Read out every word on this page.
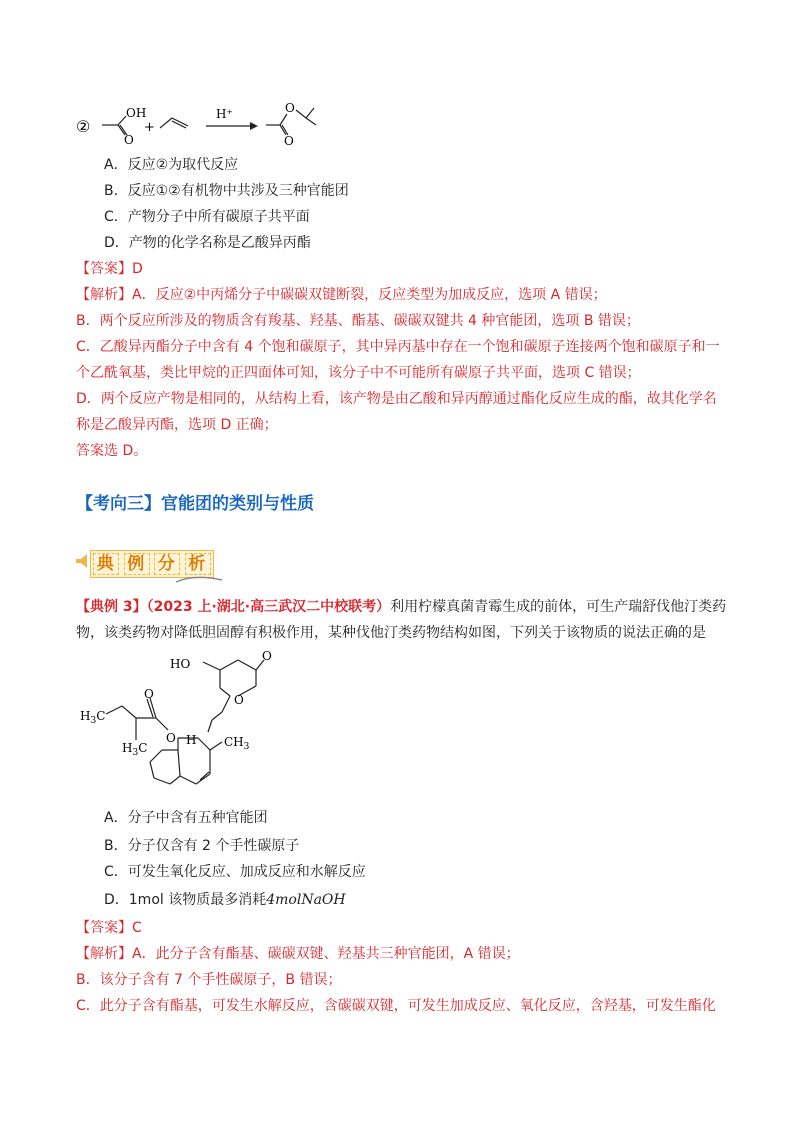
②
OH
O
+
H⁺	O
O
A．反应②为取代反应
B．反应①②有机物中共涉及三种官能团
C．产物分子中所有碳原子共平面
D．产物的化学名称是乙酸异丙酯
【答案】D
【解析】A．反应②中丙烯分子中碳碳双键断裂，反应类型为加成反应，选项 A 错误；
B．两个反应所涉及的物质含有羧基、羟基、酯基、碳碳双键共 4 种官能团，选项 B 错误；
C．乙酸异丙酯分子中含有 4 个饱和碳原子，其中异丙基中存在一个饱和碳原子连接两个饱和碳原子和一
个乙酰氧基，类比甲烷的正四面体可知，该分子中不可能所有碳原子共平面，选项 C 错误；
D．两个反应产物是相同的，从结构上看，该产物是由乙酸和异丙醇通过酯化反应生成的酯，故其化学名
称是乙酸异丙酯，选项 D 正确；
答案选 D。
【考向三】官能团的类别与性质
典 例 分 析
【典例 3】（2023 上·湖北·高三武汉二中校联考）利用柠檬真菌青霉生成的前体，可生产瑞舒伐他汀类药
物，该类药物对降低胆固醇有积极作用，某种伐他汀类药物结构如图，下列关于该物质的说法正确的是
HO
O
O
O
O H $CH_3$
$H_3C$
$H_3C$
A．分子中含有五种官能团
B．分子仅含有 2 个手性碳原子
C．可发生氧化反应、加成反应和水解反应
D．1mol 该物质最多消耗4molNaOH
【答案】C
【解析】A．此分子含有酯基、碳碳双键、羟基共三种官能团，A 错误；
B．该分子含有 7 个手性碳原子，B 错误；
C．此分子含有酯基，可发生水解反应，含碳碳双键，可发生加成反应、氧化反应，含羟基，可发生酯化
